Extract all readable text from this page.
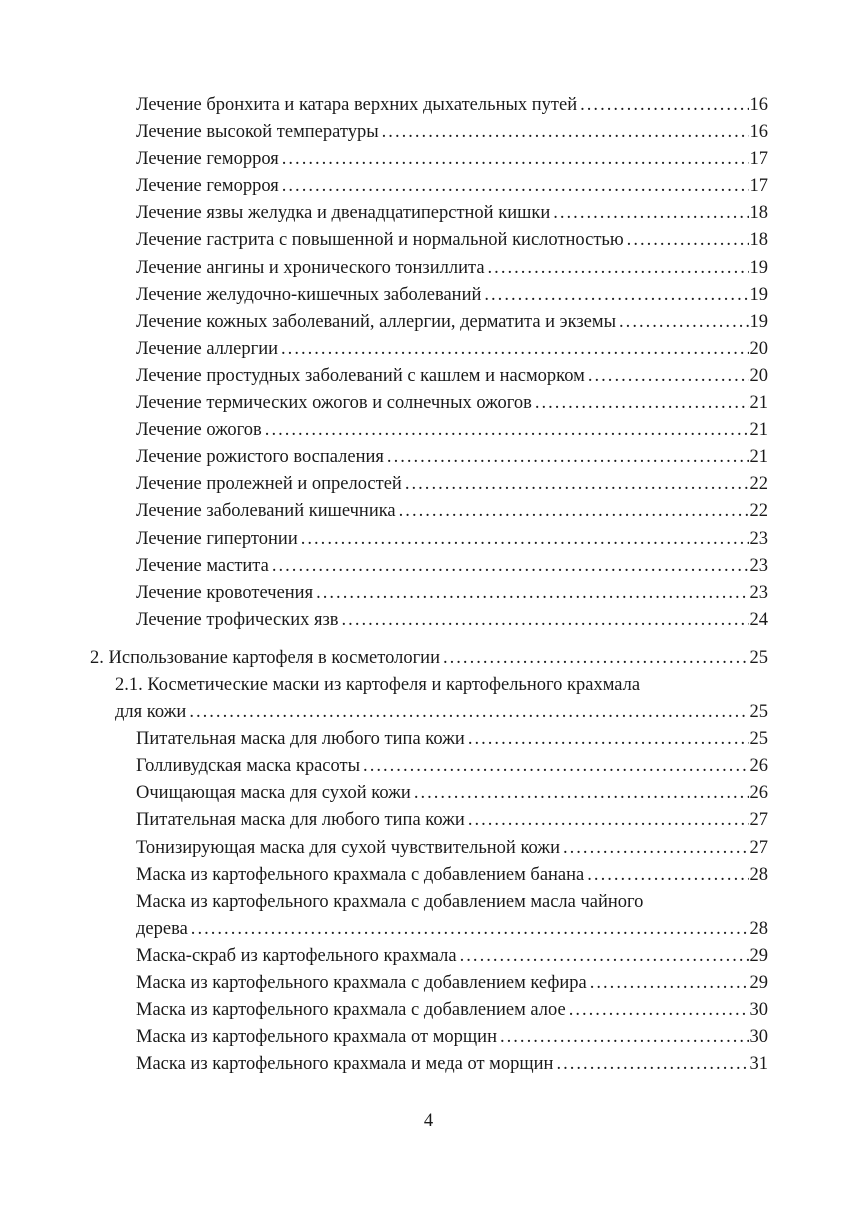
Лечение бронхита и катара верхних дыхательных путей . . .	16
Лечение высокой температуры . . .	16
Лечение геморроя . . .	17
Лечение геморроя . . .	17
Лечение язвы желудка и двенадцатиперстной кишки . . .	18
Лечение гастрита с повышенной и нормальной кислотностью . . .	18
Лечение ангины и хронического тонзиллита . . .	19
Лечение желудочно-кишечных заболеваний . . .	19
Лечение кожных заболеваний, аллергии, дерматита и экземы . . .	19
Лечение аллергии . . .	20
Лечение простудных заболеваний с кашлем и насморком . . .	20
Лечение термических ожогов и солнечных ожогов . . .	21
Лечение ожогов . . .	21
Лечение рожистого воспаления . . .	21
Лечение пролежней и опрелостей . . .	22
Лечение заболеваний кишечника . . .	22
Лечение гипертонии . . .	23
Лечение мастита . . .	23
Лечение кровотечения . . .	23
Лечение трофических язв . . .	24
2. Использование картофеля в косметологии . . .	25
2.1. Косметические маски из картофеля и картофельного крахмала
для кожи . . .	25
Питательная маска для любого типа кожи . . .	25
Голливудская маска красоты . . .	26
Очищающая маска для сухой кожи . . .	26
Питательная маска для любого типа кожи . . .	27
Тонизирующая маска для сухой чувствительной кожи . . .	27
Маска из картофельного крахмала с добавлением банана . . .	28
Маска из картофельного крахмала с добавлением масла чайного
дерева . . .	28
Маска-скраб из картофельного крахмала . . .	29
Маска из картофельного крахмала с добавлением кефира . . .	29
Маска из картофельного крахмала с добавлением алое . . .	30
Маска из картофельного крахмала от морщин . . .	30
Маска из картофельного крахмала и меда от морщин . . .	31
4
